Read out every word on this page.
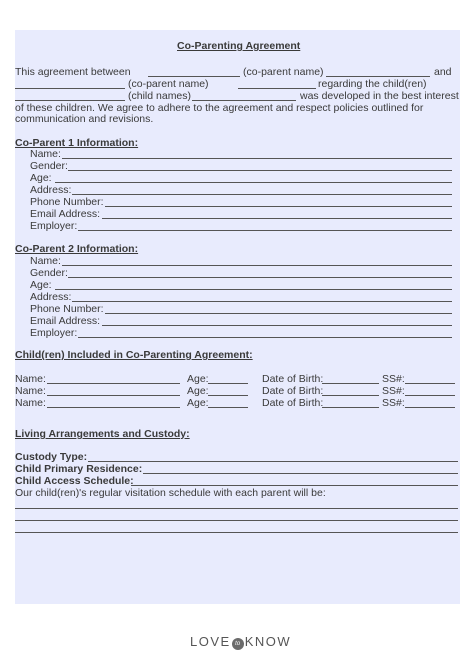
Co-Parenting Agreement
This agreement between	(co-parent name)	and
(co-parent name)	regarding the child(ren)
(child names)	was developed in the best interest
of these children. We agree to adhere to the agreement and respect policies outlined for
communication and revisions.
Co-Parent 1 Information:
Name:
Gender:
Age:
Address:
Phone Number:
Email Address:
Employer:
Co-Parent 2 Information:
Name:
Gender:
Age:
Address:
Phone Number:
Email Address:
Employer:
Child(ren) Included in Co-Parenting Agreement:
Name:	Age:	Date of Birth:	SS#:
Name:	Age:	Date of Birth:	SS#:
Name:	Age:	Date of Birth:	SS#:
Living Arrangements and Custody:
Custody Type:
Child Primary Residence:
Child Access Schedule:
Our child(ren)'s regular visitation schedule with each parent will be:
LOVE to KNOW
